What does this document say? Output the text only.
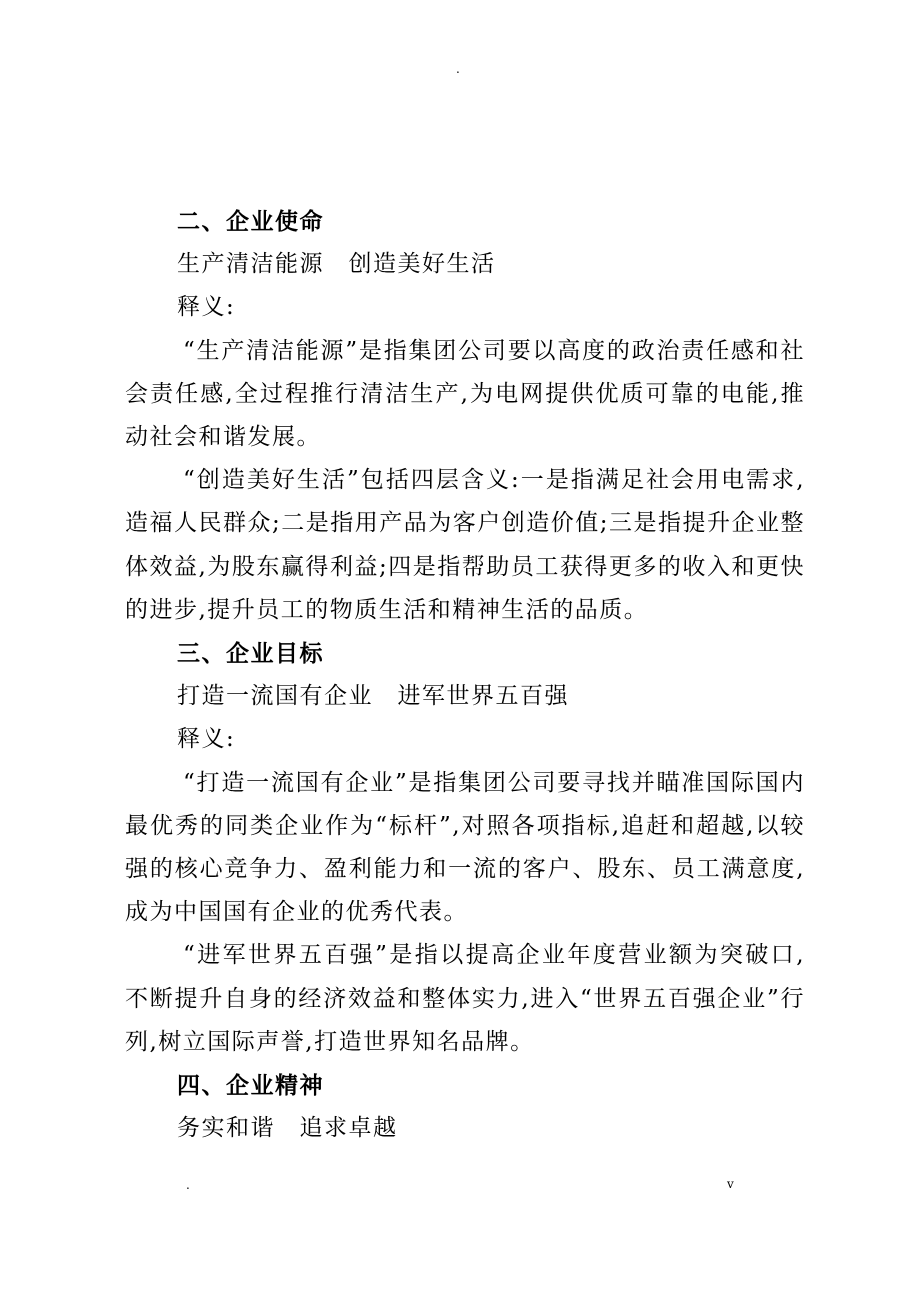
.
二、企业使命
生产清洁能源　创造美好生活
释义:

“生产清洁能源”是指集团公司要以高度的政治责任感和社会责任感,全过程推行清洁生产,为电网提供优质可靠的电能,推动社会和谐发展。

“创造美好生活”包括四层含义:一是指满足社会用电需求,造福人民群众;二是指用产品为客户创造价值;三是指提升企业整体效益,为股东赢得利益;四是指帮助员工获得更多的收入和更快的进步,提升员工的物质生活和精神生活的品质。

三、企业目标
打造一流国有企业　进军世界五百强
释义:

“打造一流国有企业”是指集团公司要寻找并瞄准国际国内最优秀的同类企业作为“标杆”,对照各项指标,追赶和超越,以较强的核心竞争力、盈利能力和一流的客户、股东、员工满意度,成为中国国有企业的优秀代表。

“进军世界五百强”是指以提高企业年度营业额为突破口,不断提升自身的经济效益和整体实力,进入“世界五百强企业”行列,树立国际声誉,打造世界知名品牌。

四、企业精神
务实和谐　追求卓越
.	v
